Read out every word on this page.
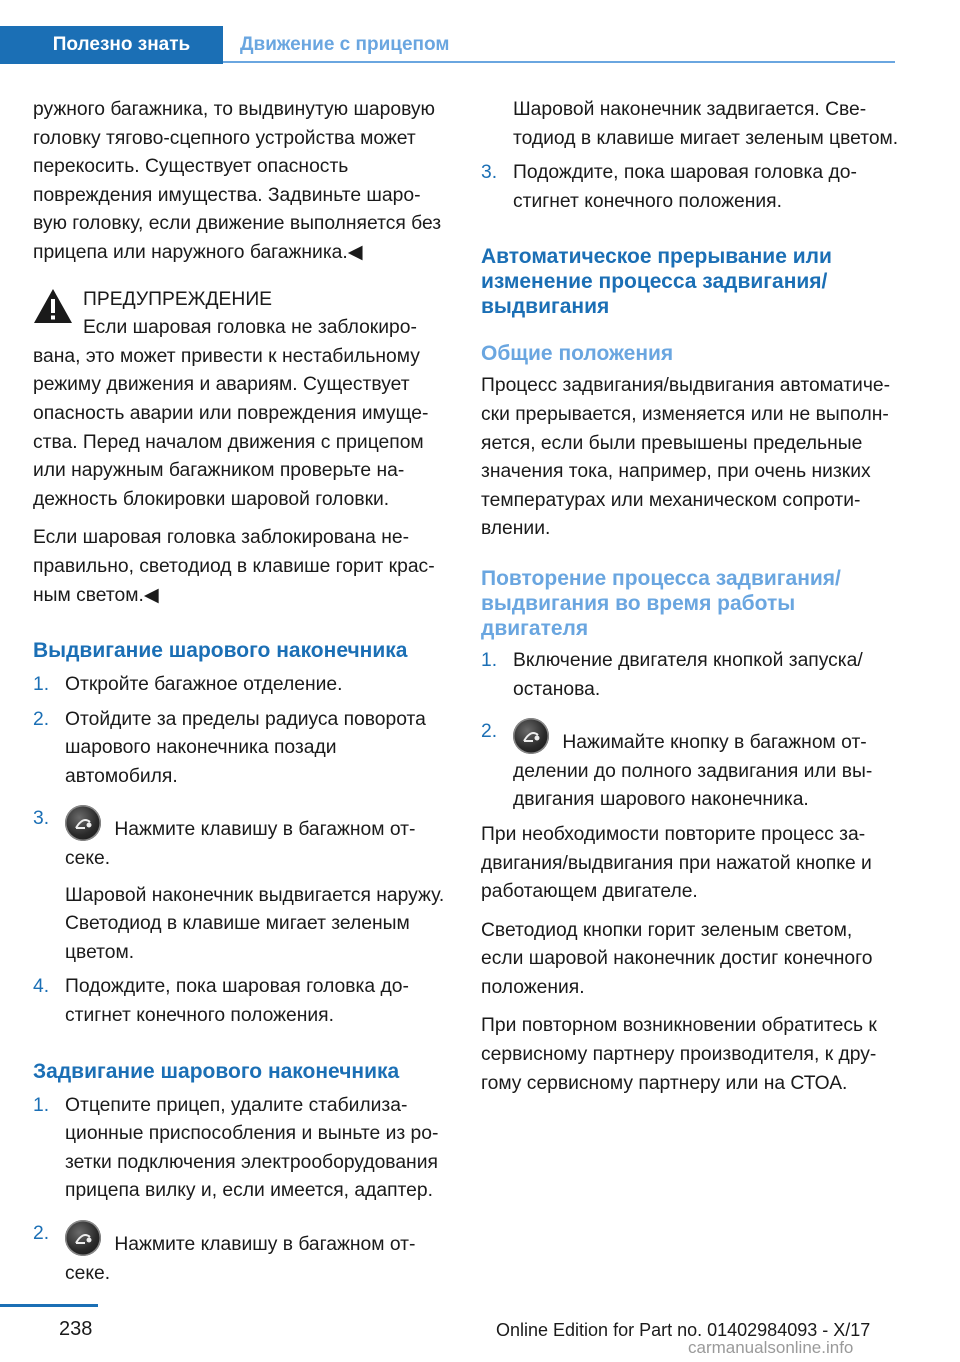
Полезно знать	Движение с прицепом

ружного багажника, то выдвинутую шаровую головку тягово-сцепного устройства может перекосить. Существует опасность повреждения имущества. Задвиньте шаровую головку, если движение выполняется без прицепа или наружного багажника.◀

ПРЕДУПРЕЖДЕНИЕ

Если шаровая головка не заблокирована, это может привести к нестабильному режиму движения и авариям. Существует опасность аварии или повреждения имущества. Перед началом движения с прицепом или наружным багажником проверьте надежность блокировки шаровой головки.

Если шаровая головка заблокирована неправильно, светодиод в клавише горит красным светом.◀

Выдвигание шарового наконечника
1. Откройте багажное отделение.
2. Отойдите за пределы радиуса поворота шарового наконечника позади автомобиля.
3.
Нажмите клавишу в багажном отсеке.
Шаровой наконечник выдвигается наружу. Светодиод в клавише мигает зеленым цветом.
4. Подождите, пока шаровая головка достигнет конечного положения.
Задвигание шарового наконечника
1. Отцепите прицеп, удалите стабилизационные приспособления и выньте из розетки подключения электрооборудования прицепа вилку и, если имеется, адаптер.
2.
Нажмите клавишу в багажном отсеке.
Шаровой наконечник задвигается. Светодиод в клавише мигает зеленым цветом.
3. Подождите, пока шаровая головка достигнет конечного положения.
Автоматическое прерывание или изменение процесса задвигания/ выдвигания
Общие положения

Процесс задвигания/выдвигания автоматически прерывается, изменяется или не выполняется, если были превышены предельные значения тока, например, при очень низких температурах или механическом сопротивлении.

Повторение процесса задвигания/ выдвигания во время работы двигателя
1. Включение двигателя кнопкой запуска/ останова.
2.
Нажимайте кнопку в багажном отделении до полного задвигания или выдвигания шарового наконечника.

При необходимости повторите процесс задвигания/выдвигания при нажатой кнопке и работающем двигателе.

Светодиод кнопки горит зеленым светом, если шаровой наконечник достиг конечного положения.

При повторном возникновении обратитесь к сервисному партнеру производителя, к другому сервисному партнеру или на СТОА.

238	Online Edition for Part no. 01402984093 - X/17
carmanualsonline.info
